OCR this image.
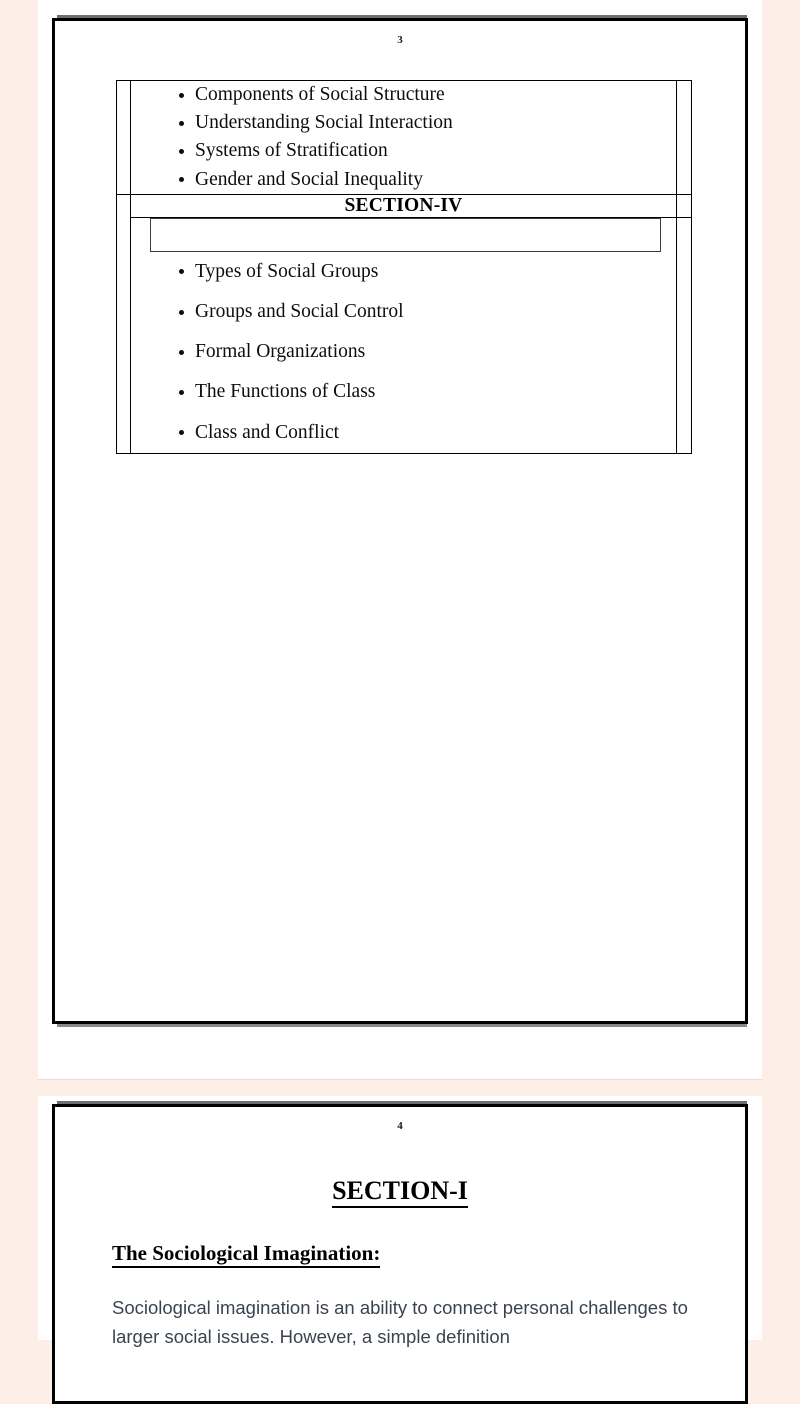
3

Components of Social Structure
Understanding Social Interaction
Systems of Stratification
Gender and Social Inequality

	SECTION-IV	

Types of Social Groups
Groups and Social Control
Formal Organizations
The Functions of Class
Class and Conflict

4
SECTION-I
The Sociological Imagination:

Sociological imagination is an ability to connect personal challenges to larger social issues. However, a simple definition
